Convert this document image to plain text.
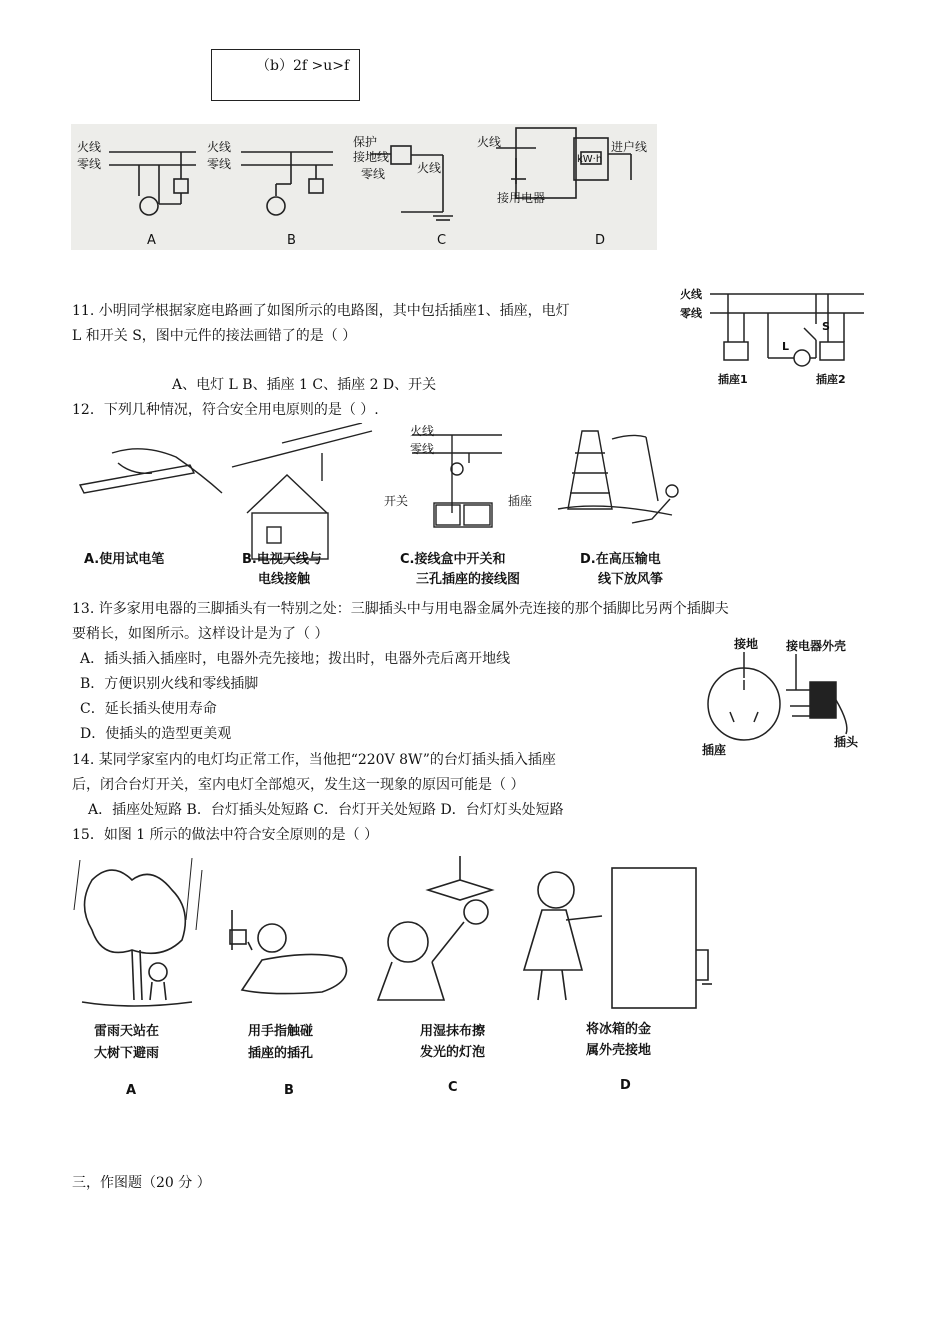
（b）2f >u>f
火线
零线
火线
零线
保护
接地线
零线	火线
火线
接用电器
kW·h
进户线
A	B	C	D
11. 小明同学根据家庭电路画了如图所示的电路图，其中包括插座1、插座，电灯
L 和开关 S，图中元件的接法画错了的是（ ）
A、电灯 L B、插座 1 C、插座 2 D、开关
火线
零线
L
S
插座1	插座2
12．下列几种情况，符合安全用电原则的是（ ）.
火线
零线
开关	插座
A.使用试电笔	B.电视天线与
电线接触
C.接线盒中开关和
三孔插座的接线图
D.在高压输电
线下放风筝
13. 许多家用电器的三脚插头有一特别之处：三脚插头中与用电器金属外壳连接的那个插脚比另两个插脚夫
要稍长，如图所示。这样设计是为了（ ）
A．插头插入插座时，电器外壳先接地；拨出时，电器外壳后离开地线
B．方便识别火线和零线插脚
C．延长插头使用寿命
D．使插头的造型更美观
接地 接电器外壳
插座
插头
14. 某同学家室内的电灯均正常工作，当他把“220V 8W”的台灯插头插入插座
后，闭合台灯开关，室内电灯全部熄灭，发生这一现象的原因可能是（ ）
A．插座处短路 B．台灯插头处短路 C．台灯开关处短路 D．台灯灯头处短路
15．如图 1 所示的做法中符合安全原则的是（ ）
雷雨天站在
大树下避雨
用手指触碰
插座的插孔
用湿抹布擦
发光的灯泡
将冰箱的金
属外壳接地
A	B	C	D
三，作图题（20 分 ）
